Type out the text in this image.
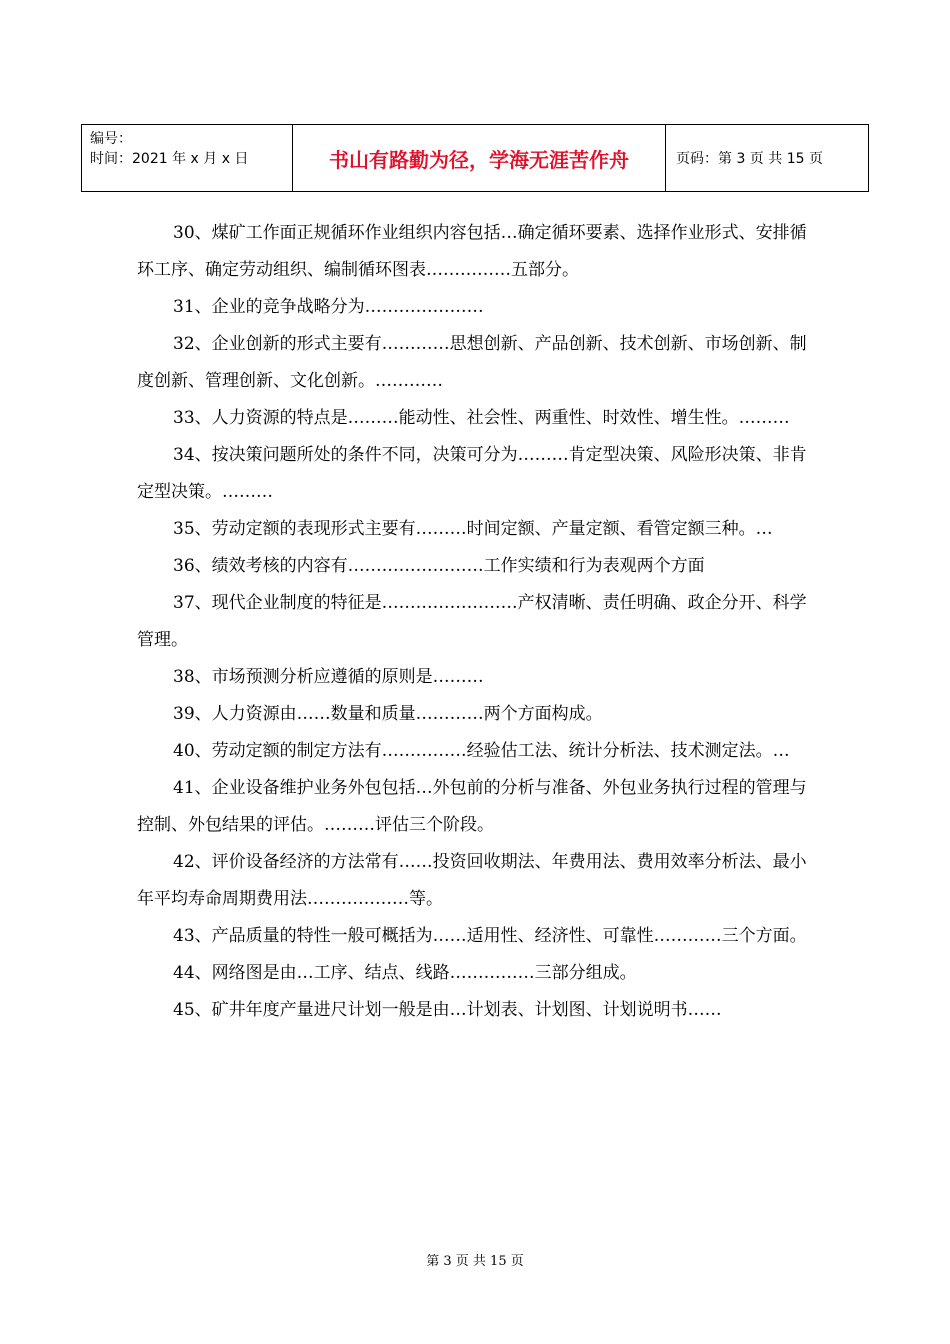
编号：
时间：2021 年 x 月 x 日	书山有路勤为径，学海无涯苦作舟	页码：第 3 页 共 15 页

30、煤矿工作面正规循环作业组织内容包括…确定循环要素、选择作业形式、安排循环工序、确定劳动组织、编制循环图表……………五部分。

31、企业的竞争战略分为…………………

32、企业创新的形式主要有…………思想创新、产品创新、技术创新、市场创新、制度创新、管理创新、文化创新。…………

33、人力资源的特点是………能动性、社会性、两重性、时效性、增生性。………

34、按决策问题所处的条件不同，决策可分为………肯定型决策、风险形决策、非肯定型决策。………

35、劳动定额的表现形式主要有………时间定额、产量定额、看管定额三种。…

36、绩效考核的内容有……………………工作实绩和行为表观两个方面

37、现代企业制度的特征是……………………产权清晰、责任明确、政企分开、科学管理。

38、市场预测分析应遵循的原则是………

39、人力资源由……数量和质量…………两个方面构成。

40、劳动定额的制定方法有……………经验估工法、统计分析法、技术测定法。…

41、企业设备维护业务外包包括…外包前的分析与准备、外包业务执行过程的管理与控制、外包结果的评估。………评估三个阶段。

42、评价设备经济的方法常有……投资回收期法、年费用法、费用效率分析法、最小年平均寿命周期费用法………………等。

43、产品质量的特性一般可概括为……适用性、经济性、可靠性…………三个方面。

44、网络图是由…工序、结点、线路……………三部分组成。

45、矿井年度产量进尺计划一般是由…计划表、计划图、计划说明书……

第 3 页 共 15 页
